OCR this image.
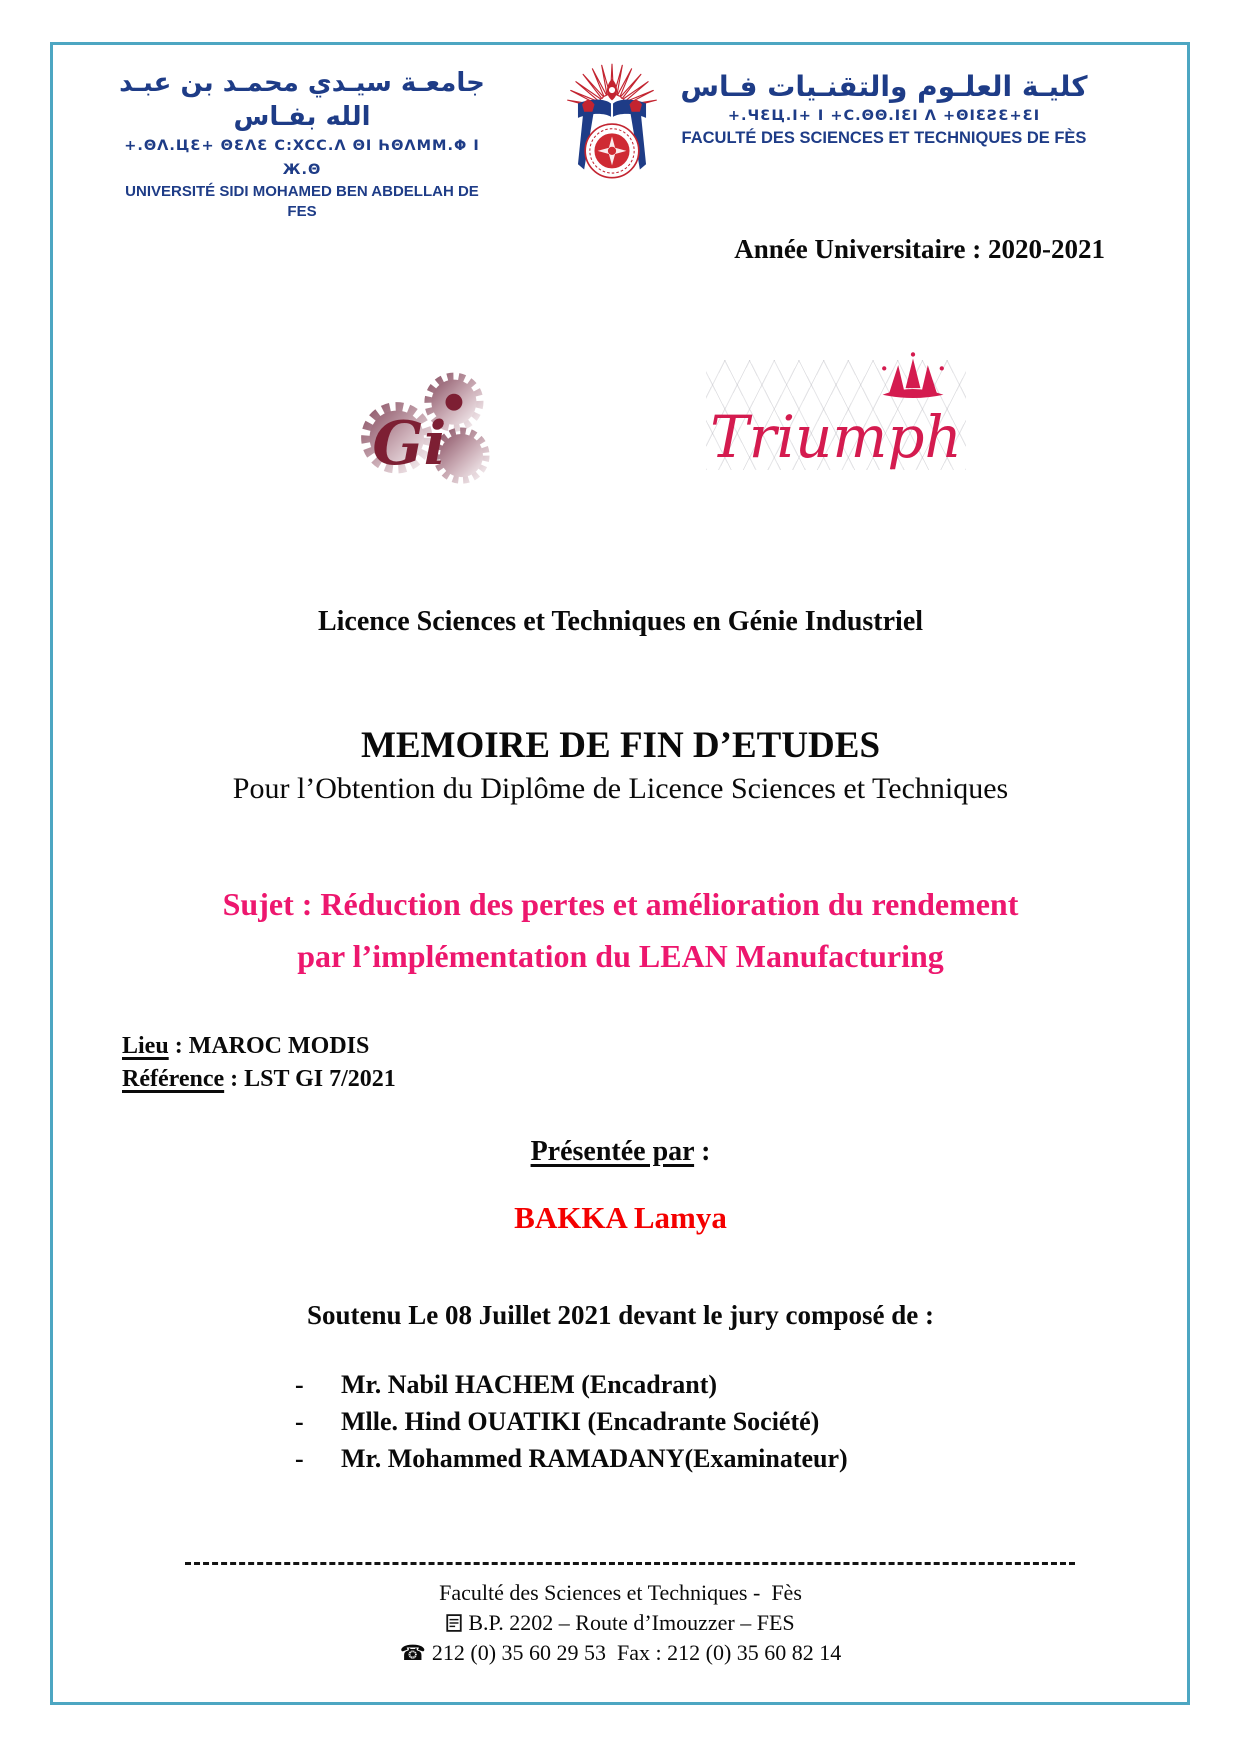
جامعـة سيـدي محمـد بن عبـد الله بفـاس
+.ΘΛ.ЦƐ+ ΘƐΛƐ C:XCC.Λ ΘΙ ҺΘΛΜΜ.Φ Ι Ж.Θ
UNIVERSITÉ SIDI MOHAMED BEN ABDELLAH DE FES
كليـة العلـوم والتقنـيات فـاس
+.ЧƐЦ.Ι+ Ι +C.ΘΘ.ΙƐΙ Λ +ΘΙƐƧƐ+ƐΙ
FACULTÉ DES SCIENCES ET TECHNIQUES DE FÈS
Année Universitaire : 2020-2021
Gi	Triumph
Licence Sciences et Techniques en Génie Industriel
MEMOIRE DE FIN D’ETUDES
Pour l’Obtention du Diplôme de Licence Sciences et Techniques
Sujet : Réduction des pertes et amélioration du rendement
par l’implémentation du LEAN Manufacturing
Lieu : MAROC MODIS
Référence : LST GI 7/2021
Présentée par :
BAKKA Lamya
Soutenu Le 08 Juillet 2021 devant le jury composé de :
-	Mr. Nabil HACHEM (Encadrant)
-	Mlle. Hind OUATIKI (Encadrante Société)
-	Mr. Mohammed RAMADANY(Examinateur)
Faculté des Sciences et Techniques -  Fès
B.P. 2202 – Route d’Imouzzer – FES
☎ 212 (0) 35 60 29 53  Fax : 212 (0) 35 60 82 14
